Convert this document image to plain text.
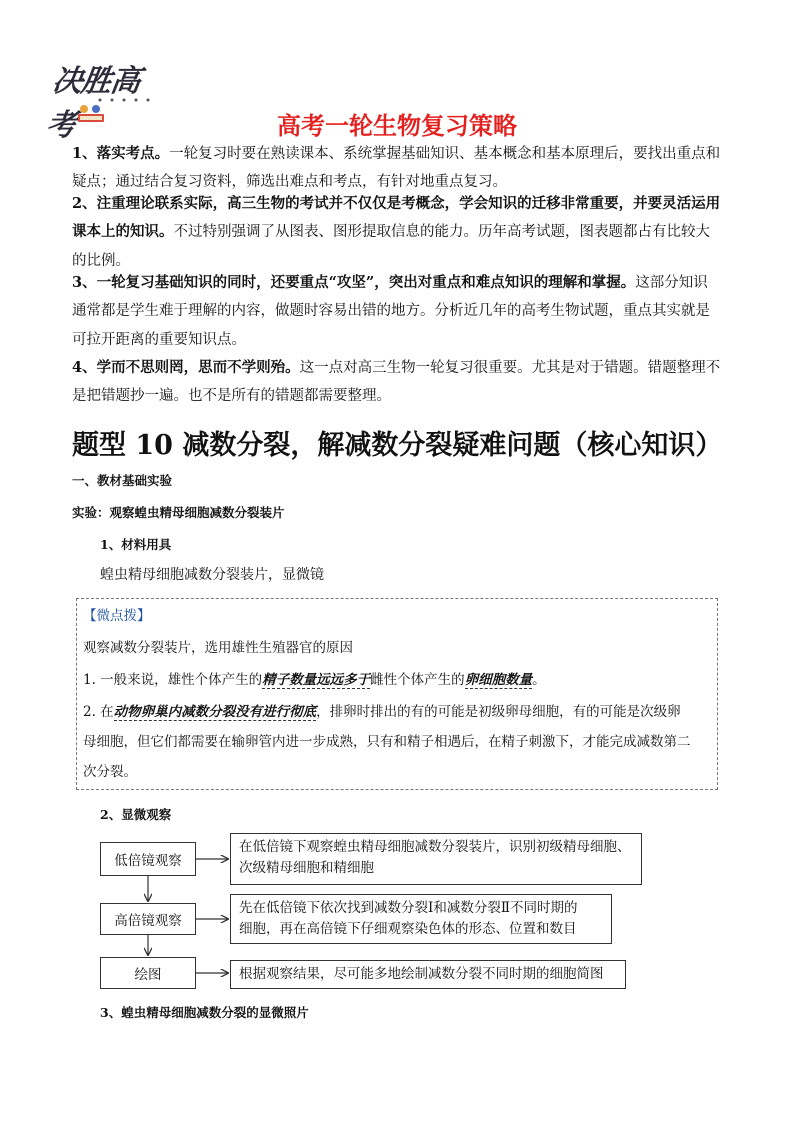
决胜高考	高考一轮生物复习策略
1、落实考点。一轮复习时要在熟读课本、系统掌握基础知识、基本概念和基本原理后，要找出重点和疑点；通过结合复习资料，筛选出难点和考点，有针对地重点复习。
2、注重理论联系实际，高三生物的考试并不仅仅是考概念，学会知识的迁移非常重要，并要灵活运用课本上的知识。不过特别强调了从图表、图形提取信息的能力。历年高考试题，图表题都占有比较大的比例。
3、一轮复习基础知识的同时，还要重点“攻坚”，突出对重点和难点知识的理解和掌握。这部分知识通常都是学生难于理解的内容，做题时容易出错的地方。分析近几年的高考生物试题，重点其实就是可拉开距离的重要知识点。
4、学而不思则罔，思而不学则殆。这一点对高三生物一轮复习很重要。尤其是对于错题。错题整理不是把错题抄一遍。也不是所有的错题都需要整理。
题型 10 减数分裂，解减数分裂疑难问题（核心知识）
一、教材基础实验
实验：观察蝗虫精母细胞减数分裂装片
1、材料用具
蝗虫精母细胞减数分裂装片，显微镜
【微点拨】
观察减数分裂装片，选用雄性生殖器官的原因
1. 一般来说，雄性个体产生的精子数量远远多于雌性个体产生的卵细胞数量。
2. 在动物卵巢内减数分裂没有进行彻底，排卵时排出的有的可能是初级卵母细胞，有的可能是次级卵
母细胞，但它们都需要在输卵管内进一步成熟，只有和精子相遇后，在精子刺激下，才能完成减数第二
次分裂。
2、显微观察
低倍镜观察
在低倍镜下观察蝗虫精母细胞减数分裂装片，识别初级精母细胞、
次级精母细胞和精细胞
高倍镜观察
先在低倍镜下依次找到减数分裂Ⅰ和减数分裂Ⅱ不同时期的
细胞，再在高倍镜下仔细观察染色体的形态、位置和数目
绘图	根据观察结果，尽可能多地绘制减数分裂不同时期的细胞简图
3、蝗虫精母细胞减数分裂的显微照片
